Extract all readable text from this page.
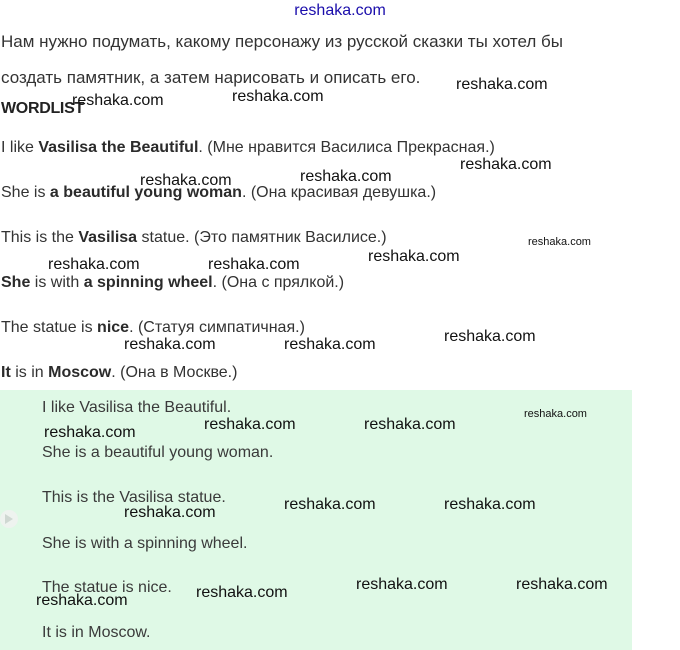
reshaka.com
Нам нужно подумать, какому персонажу из русской сказки ты хотел бы
создать памятник, а затем нарисовать и описать его.
WORDLIST
I like Vasilisa the Beautiful. (Мне нравится Василиса Прекрасная.)
She is a beautiful young woman. (Она красивая девушка.)
This is the Vasilisa statue. (Это памятник Василисе.)
She is with a spinning wheel. (Она с прялкой.)
The statue is nice. (Статуя симпатичная.)
It is in Moscow. (Она в Москве.)
I like Vasilisa the Beautiful.
She is a beautiful young woman.
This is the Vasilisa statue.
She is with a spinning wheel.
The statue is nice.
It is in Moscow.
reshaka.com
reshaka.com	reshaka.com
reshaka.com
reshaka.com	reshaka.com
reshaka.com
reshaka.com
reshaka.com	reshaka.com
reshaka.com
reshaka.com	reshaka.com
reshaka.com
reshaka.com	reshaka.com
reshaka.com
reshaka.com	reshaka.com
reshaka.com
reshaka.com	reshaka.com
reshaka.com
reshaka.com
